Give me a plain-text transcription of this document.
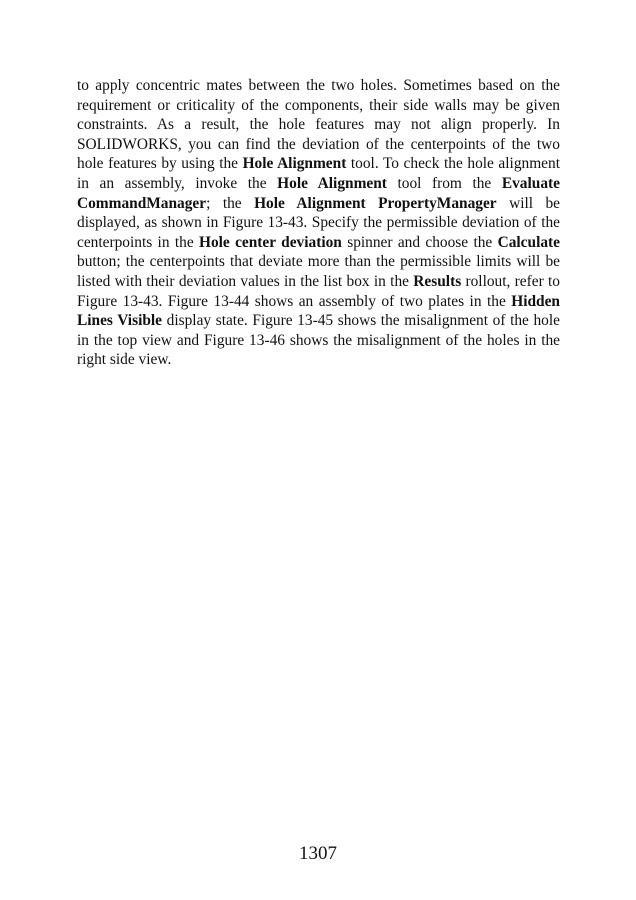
to apply concentric mates between the two holes. Sometimes based on the requirement or criticality of the components, their side walls may be given constraints. As a result, the hole features may not align properly. In SOLIDWORKS, you can find the deviation of the centerpoints of the two hole features by using the Hole Alignment tool. To check the hole alignment in an assembly, invoke the Hole Alignment tool from the Evaluate CommandManager; the Hole Alignment PropertyManager will be displayed, as shown in Figure 13-43. Specify the permissible deviation of the centerpoints in the Hole center deviation spinner and choose the Calculate button; the centerpoints that deviate more than the permissible limits will be listed with their deviation values in the list box in the Results rollout, refer to Figure 13-43. Figure 13-44 shows an assembly of two plates in the Hidden Lines Visible display state. Figure 13-45 shows the misalignment of the hole in the top view and Figure 13-46 shows the misalignment of the holes in the right side view.
1307
